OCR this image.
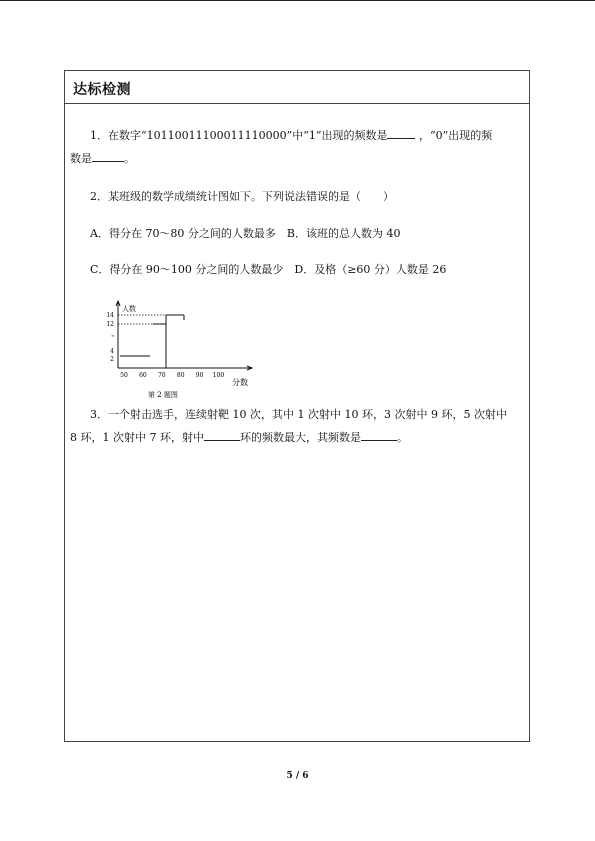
达标检测
1．在数字“10110011100011110000”中“1”出现的频数是	，“0”出现的频
数是	。
2．某班级的数学成绩统计图如下。下列说法错误的是（　　）
A．得分在 70～80 分之间的人数最多　B．该班的总人数为 40
C．得分在 90～100 分之间的人数最少　D．及格（≥60 分）人数是 26
人数
分数
50 60 70 80 90 100
14
12
"
4
2
第 2 题图
3．一个射击选手，连续射靶 10 次，其中 1 次射中 10 环，3 次射中 9 环，5 次射中
8 环，1 次射中 7 环，射中	环的频数最大，其频数是	。
5 / 6
